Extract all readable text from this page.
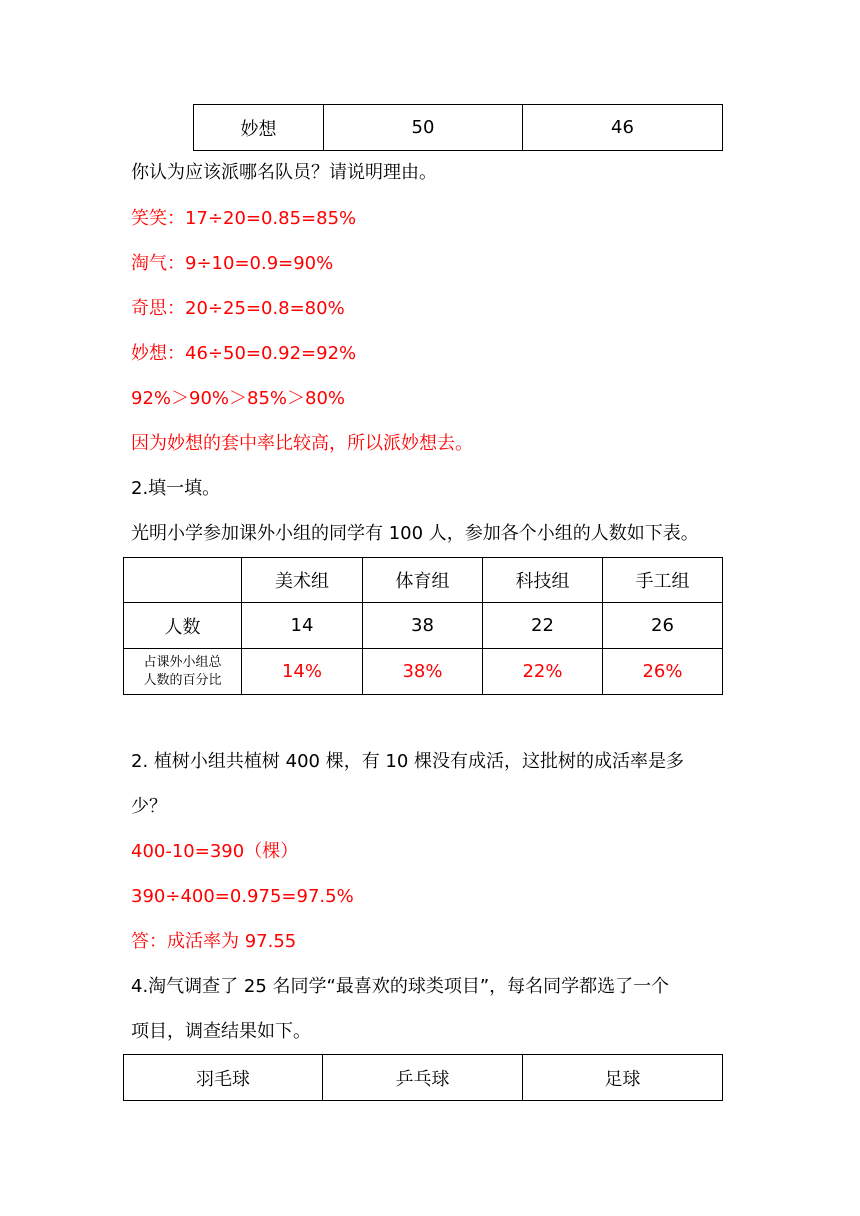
妙想	50	46
你认为应该派哪名队员？请说明理由。
笑笑：17÷20=0.85=85%
淘气：9÷10=0.9=90%
奇思：20÷25=0.8=80%
妙想：46÷50=0.92=92%
92%＞90%＞85%＞80%
因为妙想的套中率比较高，所以派妙想去。
2.填一填。
光明小学参加课外小组的同学有 100 人，参加各个小组的人数如下表。
	美术组	体育组	科技组	手工组
人数	14	38	22	26

占课外小组总
人数的百分比	14%	38%	22%	26%
2. 植树小组共植树 400 棵，有 10 棵没有成活，这批树的成活率是多
少？
400-10=390（棵）
390÷400=0.975=97.5%
答：成活率为 97.55
4.淘气调查了 25 名同学“最喜欢的球类项目”，每名同学都选了一个
项目，调查结果如下。
羽毛球	乒乓球	足球
